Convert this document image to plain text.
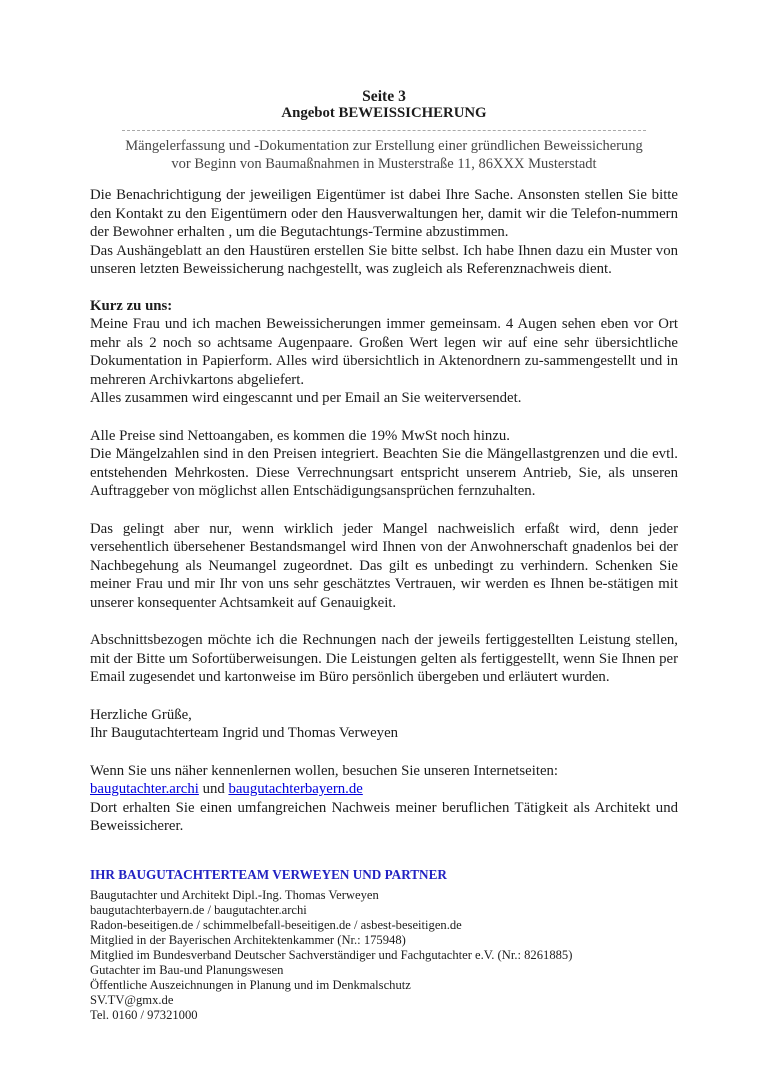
Seite 3
Angebot BEWEISSICHERUNG
Mängelerfassung und -Dokumentation zur Erstellung einer gründlichen Beweissicherung
vor Beginn von Baumaßnahmen in Musterstraße 11, 86XXX Musterstadt

Die Benachrichtigung der jeweiligen Eigentümer ist dabei Ihre Sache. Ansonsten stellen Sie bitte den Kontakt zu den Eigentümern oder den Hausverwaltungen her, damit wir die Telefon-nummern der Bewohner erhalten , um die Begutachtungs-Termine abzustimmen.

Das Aushängeblatt an den Haustüren erstellen Sie bitte selbst. Ich habe Ihnen dazu ein Muster von unseren letzten Beweissicherung nachgestellt, was zugleich als Referenznachweis dient.

Kurz zu uns:

Meine Frau und ich machen Beweissicherungen immer gemeinsam. 4 Augen sehen eben vor Ort mehr als 2 noch so achtsame Augenpaare. Großen Wert legen wir auf eine sehr übersichtliche Dokumentation in Papierform. Alles wird übersichtlich in Aktenordnern zu-sammengestellt und in mehreren Archivkartons abgeliefert.

Alles zusammen wird eingescannt und per Email an Sie weiterversendet.

Alle Preise sind Nettoangaben, es kommen die 19% MwSt noch hinzu.

Die Mängelzahlen sind in den Preisen integriert. Beachten Sie die Mängellastgrenzen und die evtl. entstehenden Mehrkosten. Diese Verrechnungsart entspricht unserem Antrieb, Sie, als unseren Auftraggeber von möglichst allen Entschädigungsansprüchen fernzuhalten.

Das gelingt aber nur, wenn wirklich jeder Mangel nachweislich erfaßt wird, denn jeder versehentlich übersehener Bestandsmangel wird Ihnen von der Anwohnerschaft gnadenlos bei der Nachbegehung als Neumangel zugeordnet. Das gilt es unbedingt zu verhindern. Schenken Sie meiner Frau und mir Ihr von uns sehr geschätztes Vertrauen, wir werden es Ihnen be-stätigen mit unserer konsequenter Achtsamkeit auf Genauigkeit.

Abschnittsbezogen möchte ich die Rechnungen nach der jeweils fertiggestellten Leistung stellen, mit der Bitte um Sofortüberweisungen. Die Leistungen gelten als fertiggestellt, wenn Sie Ihnen per Email zugesendet und kartonweise im Büro persönlich übergeben und erläutert wurden.

Herzliche Grüße,

Ihr Baugutachterteam Ingrid und Thomas Verweyen

Wenn Sie uns näher kennenlernen wollen, besuchen Sie unseren Internetseiten:

baugutachter.archi und baugutachterbayern.de

Dort erhalten Sie einen umfangreichen Nachweis meiner beruflichen Tätigkeit als Architekt und Beweissicherer.

IHR BAUGUTACHTERTEAM VERWEYEN UND PARTNER

Baugutachter und Architekt Dipl.-Ing. Thomas Verweyen

baugutachterbayern.de / baugutachter.archi

Radon-beseitigen.de / schimmelbefall-beseitigen.de / asbest-beseitigen.de

Mitglied in der Bayerischen Architektenkammer (Nr.: 175948)

Mitglied im Bundesverband Deutscher Sachverständiger und Fachgutachter e.V. (Nr.: 8261885)

Gutachter im Bau-und Planungswesen

Öffentliche Auszeichnungen in Planung und im Denkmalschutz

SV.TV@gmx.de

Tel. 0160 / 97321000
